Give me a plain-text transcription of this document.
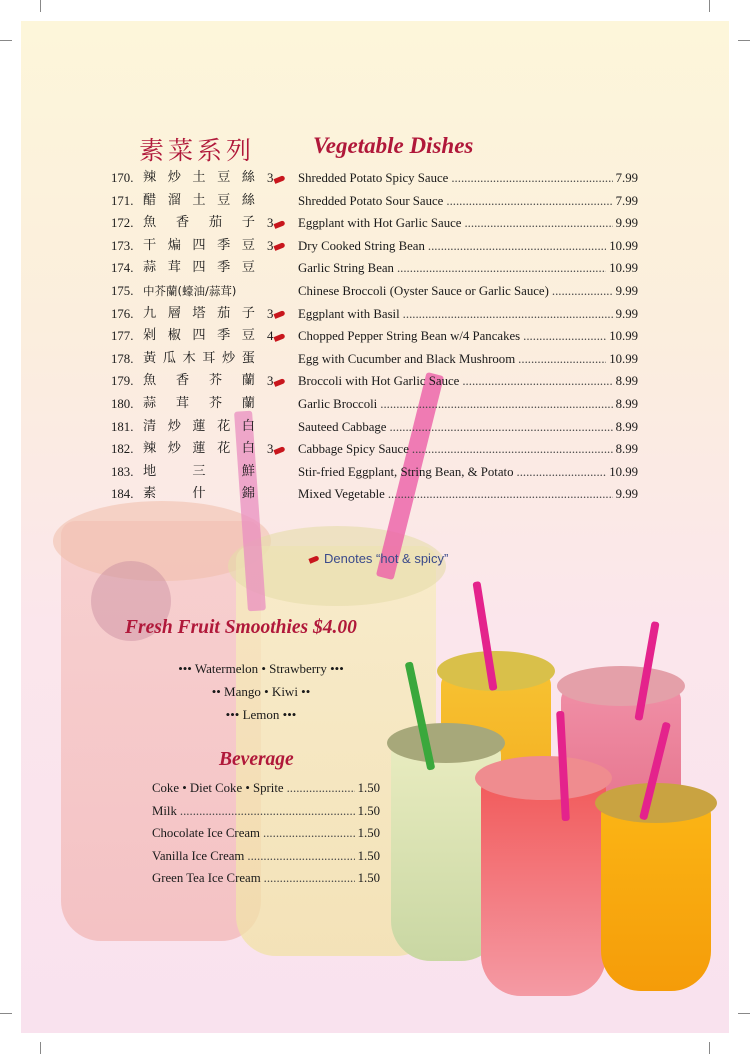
素菜系列	Vegetable Dishes
170. 辣炒土豆絲 3	Shredded Potato Spicy Sauce .....	7.99
171. 醋溜土豆絲	Shredded Potato Sour Sauce .....	7.99
172. 魚香茄子 3	Eggplant with Hot Garlic Sauce .....	9.99
173. 干煸四季豆 3	Dry Cooked String Bean .....	10.99
174. 蒜茸四季豆	Garlic String Bean .....	10.99
175. 中芥蘭(蠔油/蒜茸)	Chinese Broccoli (Oyster Sauce or Garlic Sauce) .....	9.99
176. 九層塔茄子 3	Eggplant with Basil .....	9.99
177. 剁椒四季豆 4	Chopped Pepper String Bean w/4 Pancakes .....	10.99
178. 黃瓜木耳炒蛋	Egg with Cucumber and Black Mushroom .....	10.99
179. 魚香芥蘭 3	Broccoli with Hot Garlic Sauce .....	8.99
180. 蒜茸芥蘭	Garlic Broccoli .....	8.99
181. 清炒蓮花白	Sauteed Cabbage .....	8.99
182. 辣炒蓮花白 3	Cabbage Spicy Sauce .....	8.99
183. 地三鮮	Stir-fried Eggplant, String Bean, & Potato .....	10.99
184. 素什錦	Mixed Vegetable .....	9.99
Denotes “hot & spicy”
Fresh Fruit Smoothies $4.00
••• Watermelon • Strawberry •••
•• Mango • Kiwi ••
••• Lemon •••
Beverage
Coke • Diet Coke • Sprite .....	1.50
Milk .....	1.50
Chocolate Ice Cream .....	1.50
Vanilla Ice Cream .....	1.50
Green Tea Ice Cream .....	1.50
